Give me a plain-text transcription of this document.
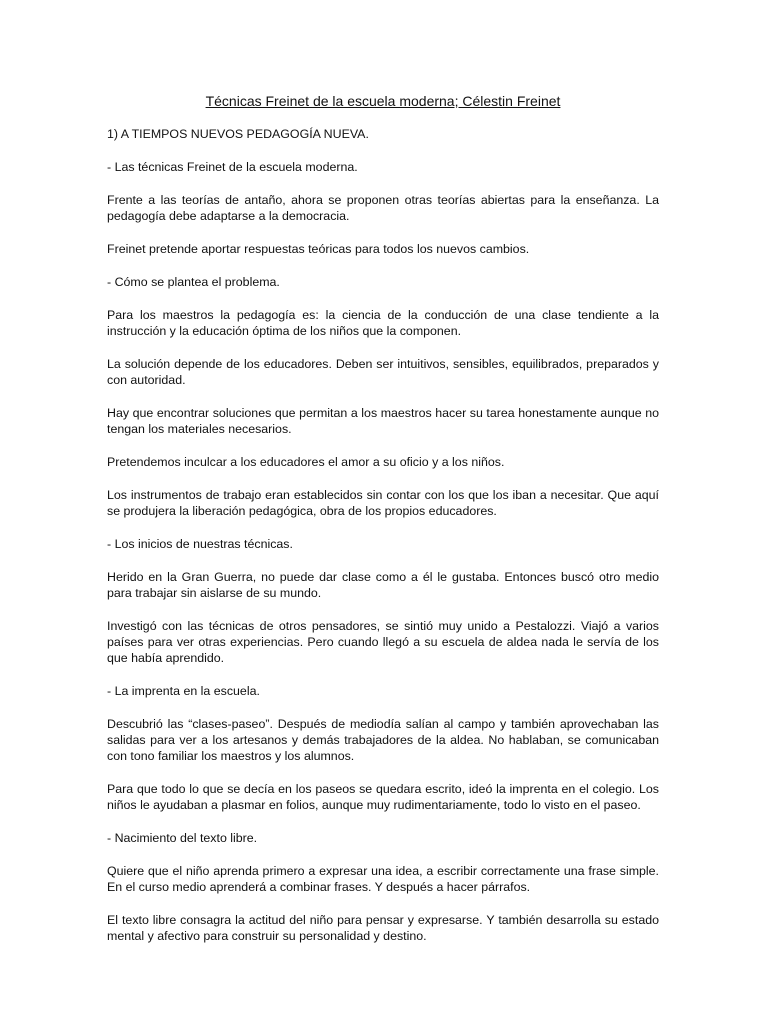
Técnicas Freinet de la escuela moderna; Célestin Freinet

1) A TIEMPOS NUEVOS PEDAGOGÍA NUEVA.

- Las técnicas Freinet de la escuela moderna.

Frente a las teorías de antaño, ahora se proponen otras teorías abiertas para la enseñanza. La pedagogía debe adaptarse a la democracia.

Freinet pretende aportar respuestas teóricas para todos los nuevos cambios.

- Cómo se plantea el problema.

Para los maestros la pedagogía es: la ciencia de la conducción de una clase tendiente a la instrucción y la educación óptima de los niños que la componen.

La solución depende de los educadores. Deben ser intuitivos, sensibles, equilibrados, preparados y con autoridad.

Hay que encontrar soluciones que permitan a los maestros hacer su tarea honestamente aunque no tengan los materiales necesarios.

Pretendemos inculcar a los educadores el amor a su oficio y a los niños.

Los instrumentos de trabajo eran establecidos sin contar con los que los iban a necesitar. Que aquí se produjera la liberación pedagógica, obra de los propios educadores.

- Los inicios de nuestras técnicas.

Herido en la Gran Guerra, no puede dar clase como a él le gustaba. Entonces buscó otro medio para trabajar sin aislarse de su mundo.

Investigó con las técnicas de otros pensadores, se sintió muy unido a Pestalozzi. Viajó a varios países para ver otras experiencias. Pero cuando llegó a su escuela de aldea nada le servía de los que había aprendido.

- La imprenta en la escuela.

Descubrió las “clases-paseo”. Después de mediodía salían al campo y también aprovechaban las salidas para ver a los artesanos y demás trabajadores de la aldea. No hablaban, se comunicaban con tono familiar los maestros y los alumnos.

Para que todo lo que se decía en los paseos se quedara escrito, ideó la imprenta en el colegio. Los niños le ayudaban a plasmar en folios, aunque muy rudimentariamente, todo lo visto en el paseo.

- Nacimiento del texto libre.

Quiere que el niño aprenda primero a expresar una idea, a escribir correctamente una frase simple. En el curso medio aprenderá a combinar frases. Y después a hacer párrafos.

El texto libre consagra la actitud del niño para pensar y expresarse. Y también desarrolla su estado mental y afectivo para construir su personalidad y destino.
